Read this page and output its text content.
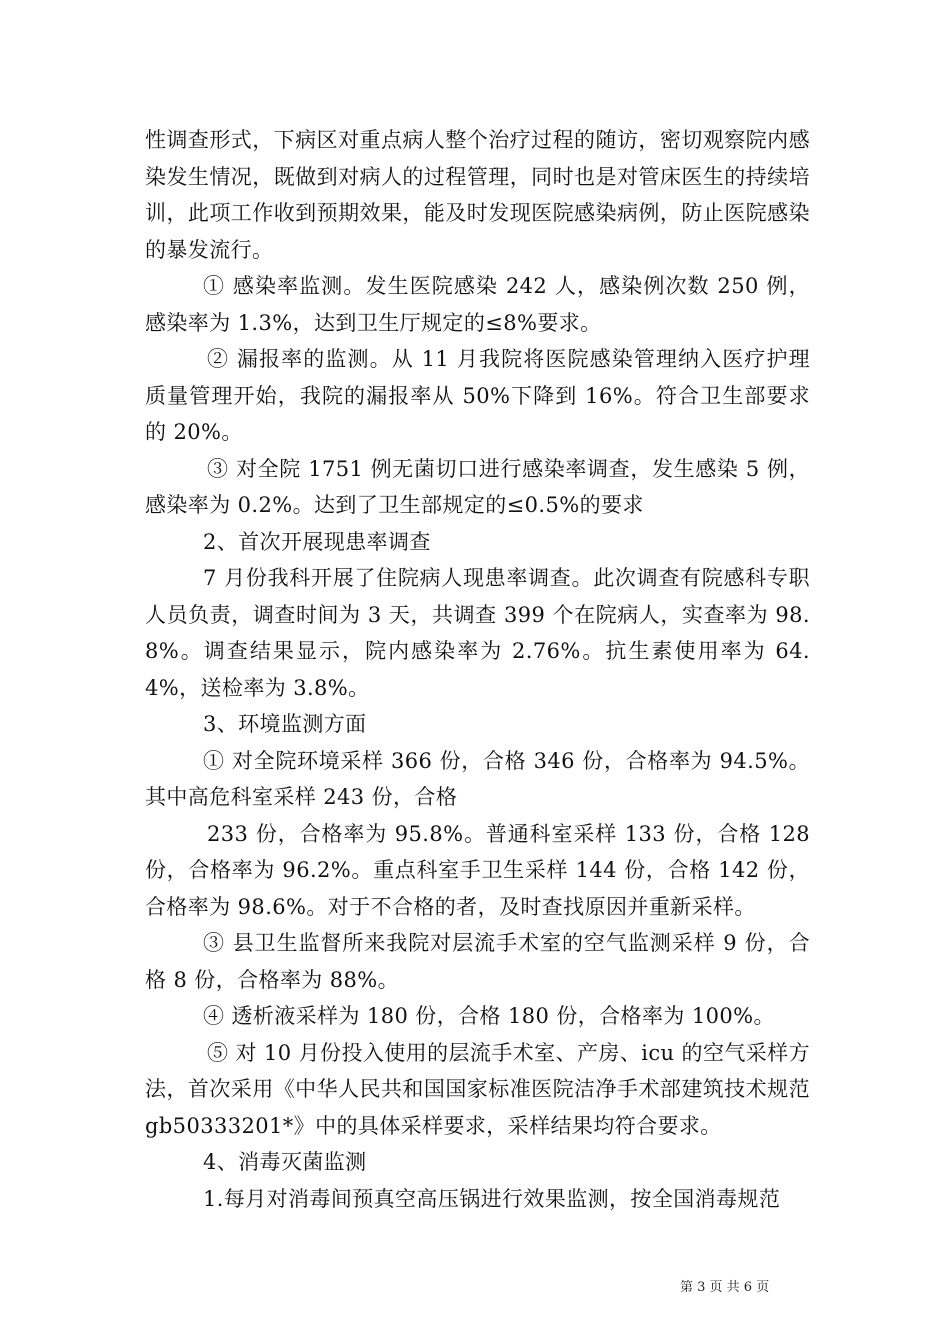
性调查形式，下病区对重点病人整个治疗过程的随访，密切观察院内感染发生情况，既做到对病人的过程管理，同时也是对管床医生的持续培训，此项工作收到预期效果，能及时发现医院感染病例，防止医院感染的暴发流行。

① 感染率监测。发生医院感染 242 人，感染例次数 250 例，感染率为 1.3%，达到卫生厅规定的≤8%要求。

② 漏报率的监测。从 11 月我院将医院感染管理纳入医疗护理质量管理开始，我院的漏报率从 50%下降到 16%。符合卫生部要求的 20%。

③ 对全院 1751 例无菌切口进行感染率调查，发生感染 5 例，感染率为 0.2%。达到了卫生部规定的≤0.5%的要求

2、首次开展现患率调查

7 月份我科开展了住院病人现患率调查。此次调查有院感科专职人员负责，调查时间为 3 天，共调查 399 个在院病人，实查率为 98.8%。调查结果显示，院内感染率为 2.76%。抗生素使用率为 64.4%，送检率为 3.8%。

3、环境监测方面

① 对全院环境采样 366 份，合格 346 份，合格率为 94.5%。其中高危科室采样 243 份，合格

233 份，合格率为 95.8%。普通科室采样 133 份，合格 128 份，合格率为 96.2%。重点科室手卫生采样 144 份，合格 142 份，合格率为 98.6%。对于不合格的者，及时查找原因并重新采样。

③ 县卫生监督所来我院对层流手术室的空气监测采样 9 份，合格 8 份，合格率为 88%。

④ 透析液采样为 180 份，合格 180 份，合格率为 100%。

⑤ 对 10 月份投入使用的层流手术室、产房、icu 的空气采样方法，首次采用《中华人民共和国国家标准医院洁净手术部建筑技术规范 gb50333201*》中的具体采样要求，采样结果均符合要求。

4、消毒灭菌监测

1.每月对消毒间预真空高压锅进行效果监测，按全国消毒规范

第 3 页 共 6 页
